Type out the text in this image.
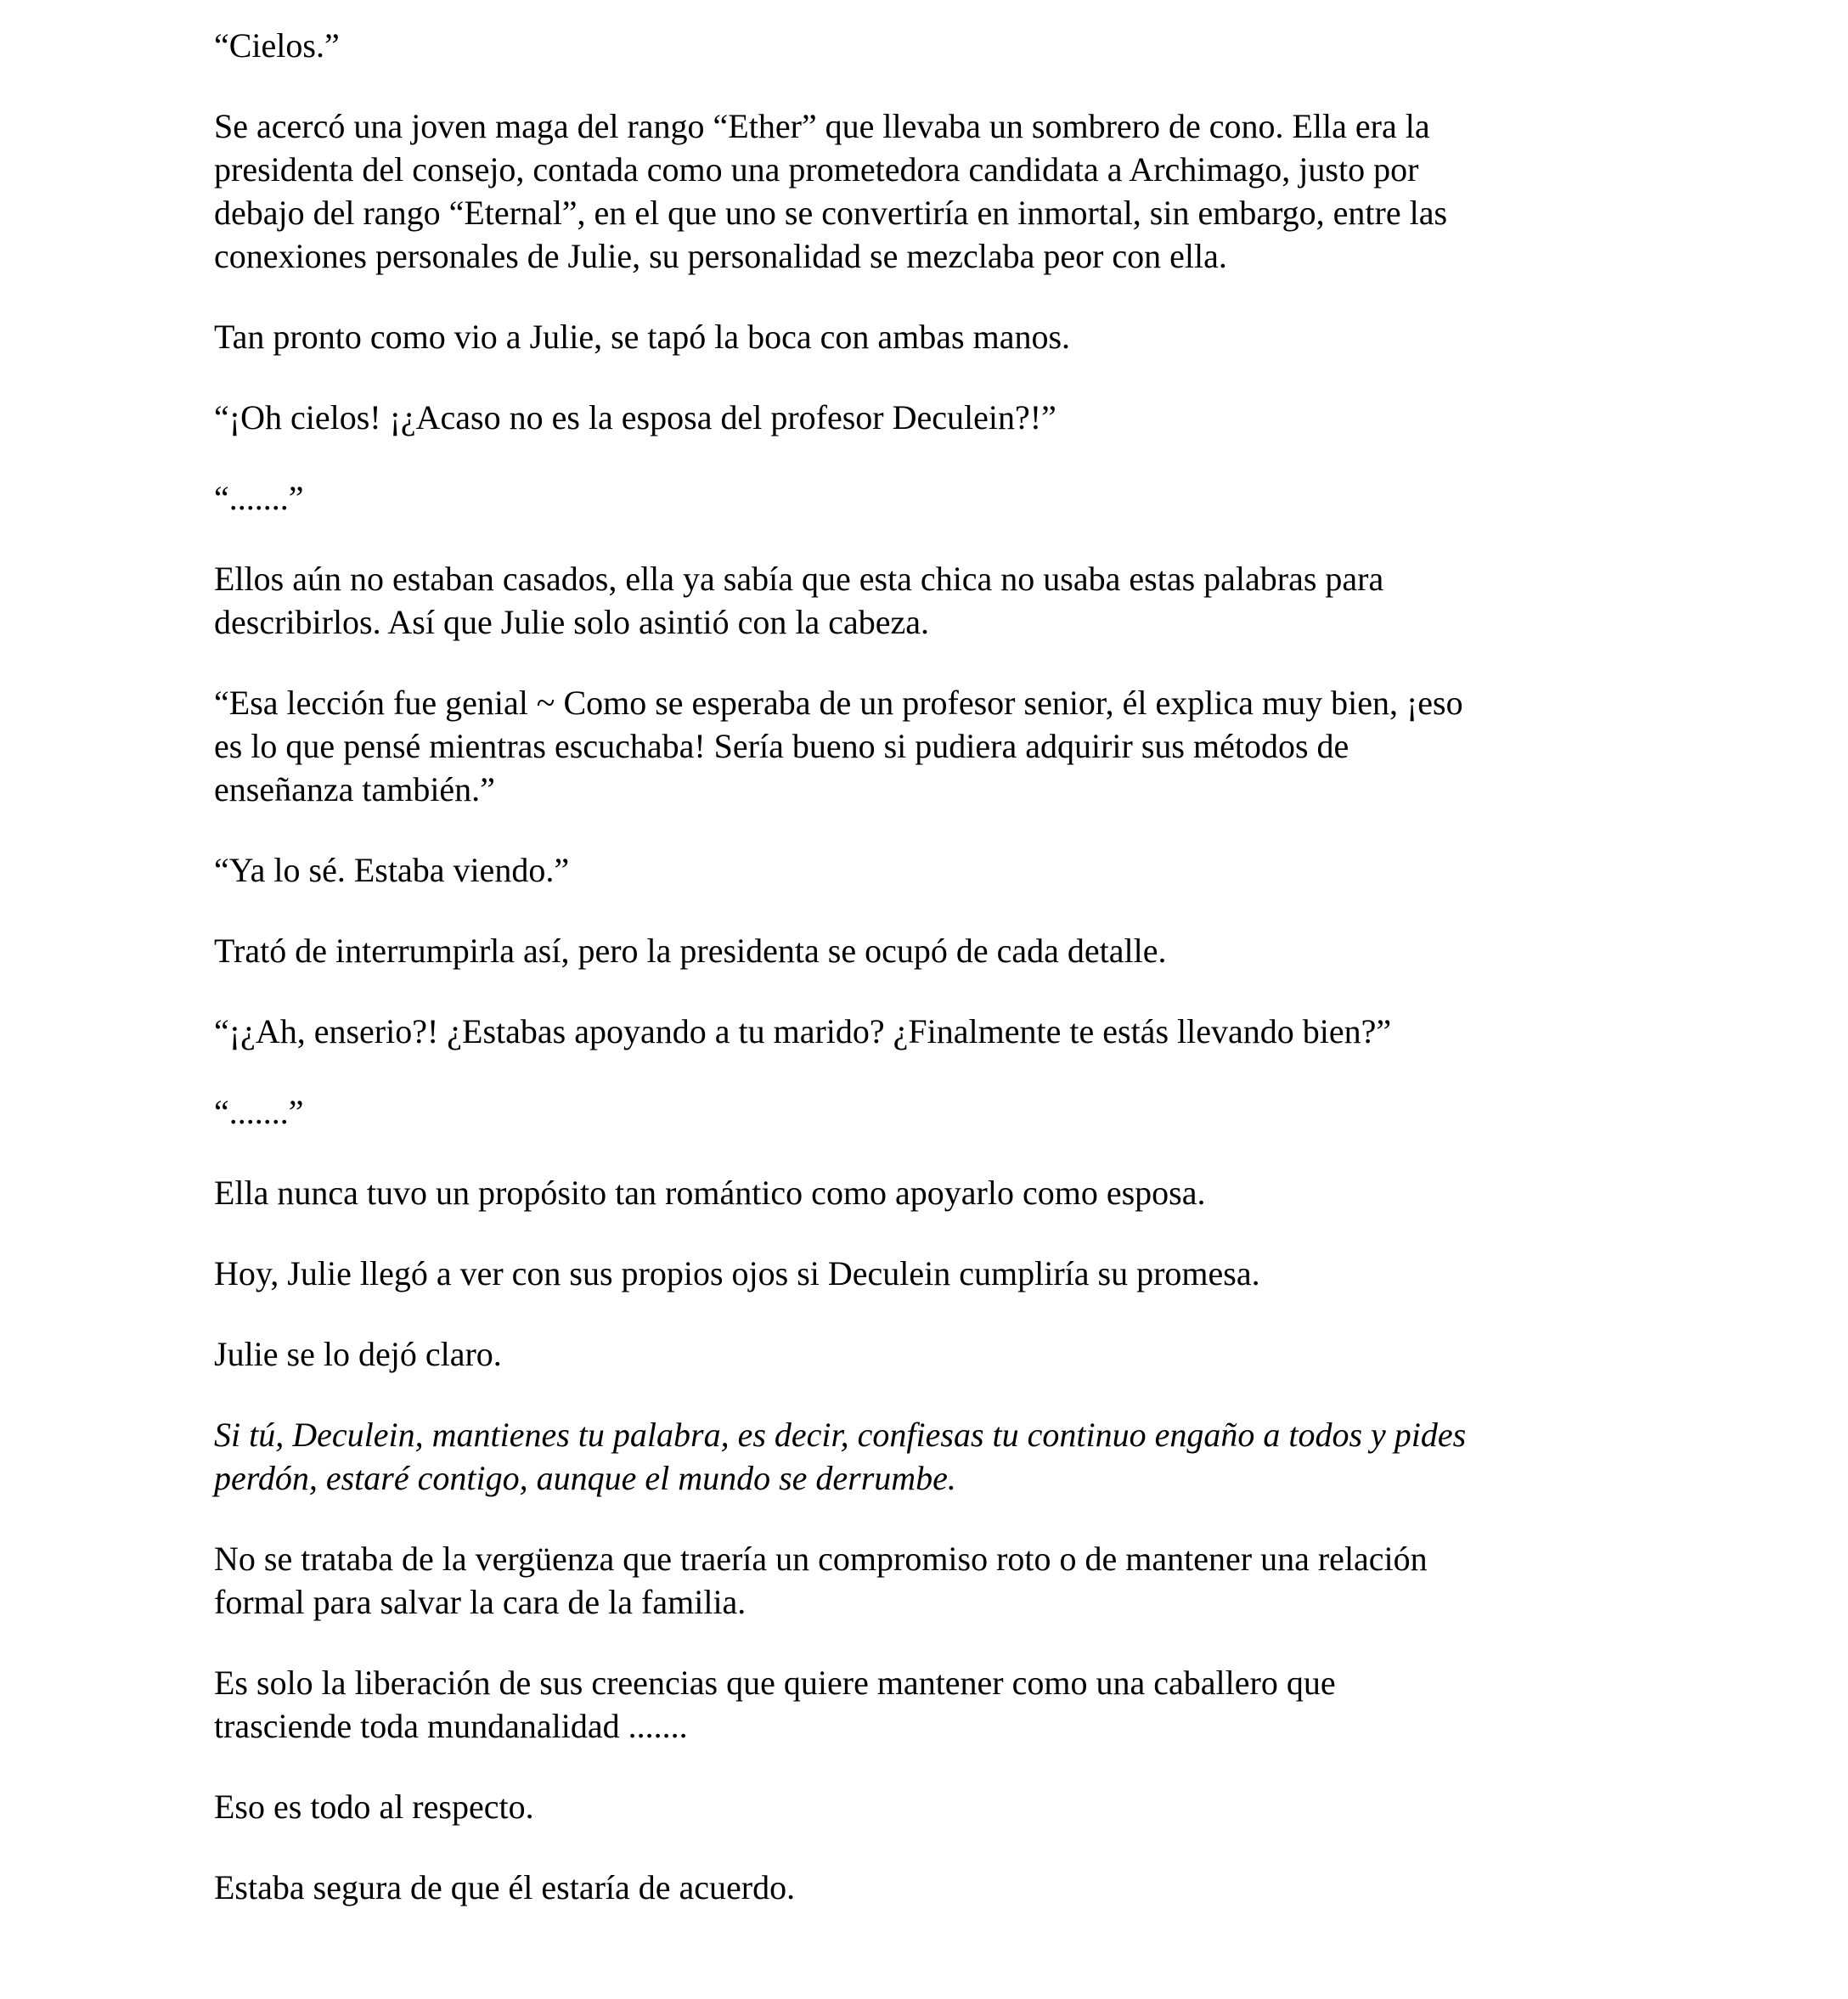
“Cielos.”

Se acercó una joven maga del rango “Ether” que llevaba un sombrero de cono. Ella era la
presidenta del consejo, contada como una prometedora candidata a Archimago, justo por
debajo del rango “Eternal”, en el que uno se convertiría en inmortal, sin embargo, entre las
conexiones personales de Julie, su personalidad se mezclaba peor con ella.

Tan pronto como vio a Julie, se tapó la boca con ambas manos.

“¡Oh cielos! ¡¿Acaso no es la esposa del profesor Deculein?!”

“.......”

Ellos aún no estaban casados, ella ya sabía que esta chica no usaba estas palabras para
describirlos. Así que Julie solo asintió con la cabeza.

“Esa lección fue genial ~ Como se esperaba de un profesor senior, él explica muy bien, ¡eso
es lo que pensé mientras escuchaba! Sería bueno si pudiera adquirir sus métodos de
enseñanza también.”

“Ya lo sé. Estaba viendo.”

Trató de interrumpirla así, pero la presidenta se ocupó de cada detalle.

“¡¿Ah, enserio?! ¿Estabas apoyando a tu marido? ¿Finalmente te estás llevando bien?”

“.......”

Ella nunca tuvo un propósito tan romántico como apoyarlo como esposa.

Hoy, Julie llegó a ver con sus propios ojos si Deculein cumpliría su promesa.

Julie se lo dejó claro.

Si tú, Deculein, mantienes tu palabra, es decir, confiesas tu continuo engaño a todos y pides
perdón, estaré contigo, aunque el mundo se derrumbe.

No se trataba de la vergüenza que traería un compromiso roto o de mantener una relación
formal para salvar la cara de la familia.

Es solo la liberación de sus creencias que quiere mantener como una caballero que
trasciende toda mundanalidad .......

Eso es todo al respecto.

Estaba segura de que él estaría de acuerdo.
